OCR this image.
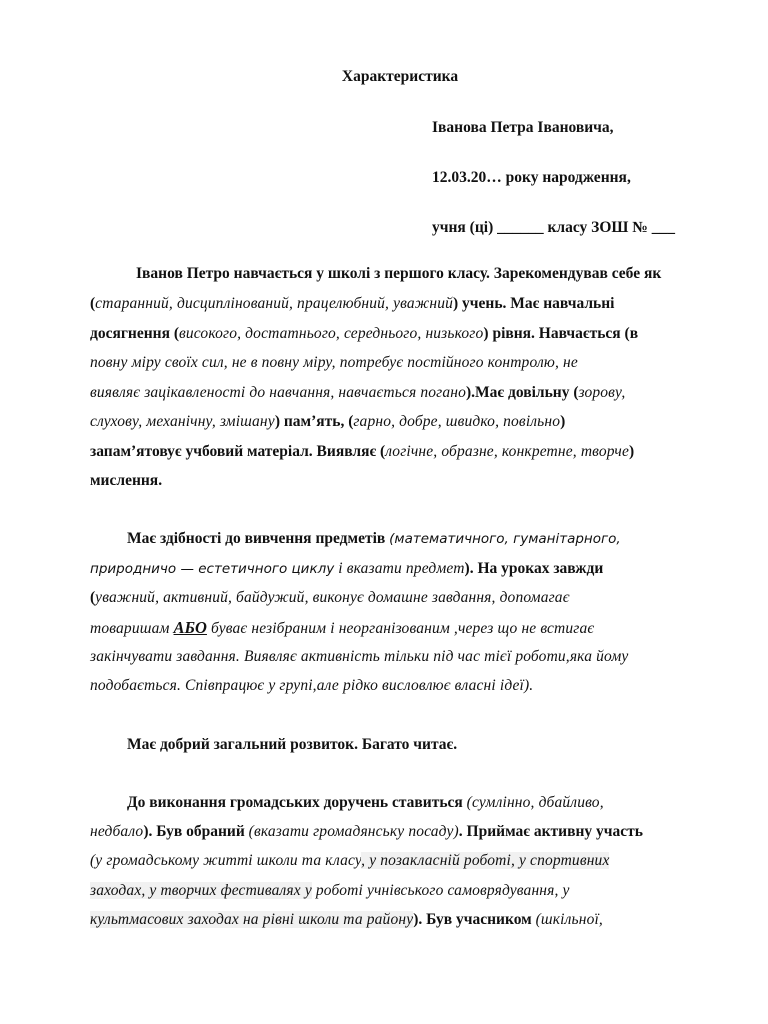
Характеристика
Іванова Петра Івановича,
12.03.20… року народження,
учня (ці) ______ класу ЗОШ № ___
Іванов Петро навчається у школі з першого класу. Зарекомендував себе як
(старанний, дисциплінований, працелюбний, уважний) учень. Має навчальні
досягнення (високого, достатнього, середнього, низького) рівня. Навчається (в
повну міру своїх сил, не в повну міру, потребує постійного контролю, не
виявляє зацікавленості до навчання, навчається погано).Має довільну (зорову,
слухову, механічну, змішану) пам’ять, (гарно, добре, швидко, повільно)
запам’ятовує учбовий матеріал. Виявляє (логічне, образне, конкретне, творче)
мислення.
Має здібності до вивчення предметів (математичного, гуманітарного,
природничо — естетичного циклу і вказати предмет). На уроках завжди
(уважний, активний, байдужий, виконує домашне завдання, допомагає
товаришам АБО буває незібраним і неорганізованим ,через що не встигає
закінчувати завдання. Виявляє активність тільки під час тієї роботи,яка йому
подобається. Співпрацює у групі,але рідко висловлює власні ідеї).
Має добрий загальний розвиток. Багато читає.
До виконання громадських доручень ставиться (сумлінно, дбайливо,
недбало). Був обраний (вказати громадянську посаду). Приймає активну участь
(у громадському житті школи та класу, у позакласній роботі, у спортивних
заходах, у творчих фестивалях у роботі учнівського самоврядування, у
культмасових заходах на рівні школи та району). Був учасником (шкільної,
